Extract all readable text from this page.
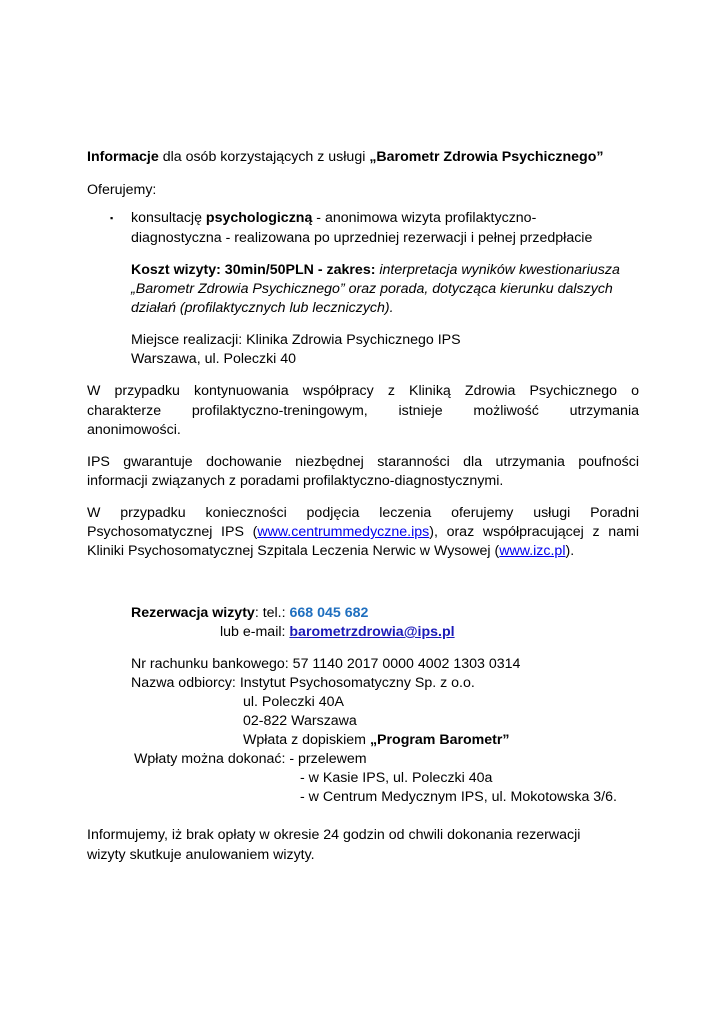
Informacje dla osób korzystających z usługi „Barometr Zdrowia Psychicznego”
Oferujemy:
▪ konsultację psychologiczną - anonimowa wizyta profilaktyczno-
diagnostyczna - realizowana po uprzedniej rezerwacji i pełnej przedpłacie
Koszt wizyty: 30min/50PLN - zakres: interpretacja wyników kwestionariusza
„Barometr Zdrowia Psychicznego” oraz porada, dotycząca kierunku dalszych
działań (profilaktycznych lub leczniczych).
Miejsce realizacji: Klinika Zdrowia Psychicznego IPS
Warszawa, ul. Poleczki 40
W przypadku kontynuowania współpracy z Kliniką Zdrowia Psychicznego o
charakterze profilaktyczno-treningowym, istnieje możliwość utrzymania
anonimowości.
IPS gwarantuje dochowanie niezbędnej staranności dla utrzymania poufności
informacji związanych z poradami profilaktyczno-diagnostycznymi.
W przypadku konieczności podjęcia leczenia oferujemy usługi Poradni
Psychosomatycznej IPS (www.centrummedyczne.ips), oraz współpracującej z nami
Kliniki Psychosomatycznej Szpitala Leczenia Nerwic w Wysowej (www.izc.pl).
Rezerwacja wizyty: tel.: 668 045 682
lub e-mail: barometrzdrowia@ips.pl
Nr rachunku bankowego: 57 1140 2017 0000 4002 1303 0314
Nazwa odbiorcy: Instytut Psychosomatyczny Sp. z o.o.
ul. Poleczki 40A
02-822 Warszawa
Wpłata z dopiskiem „Program Barometr”
Wpłaty można dokonać: - przelewem
- w Kasie IPS, ul. Poleczki 40a
- w Centrum Medycznym IPS, ul. Mokotowska 3/6.
Informujemy, iż brak opłaty w okresie 24 godzin od chwili dokonania rezerwacji
wizyty skutkuje anulowaniem wizyty.
